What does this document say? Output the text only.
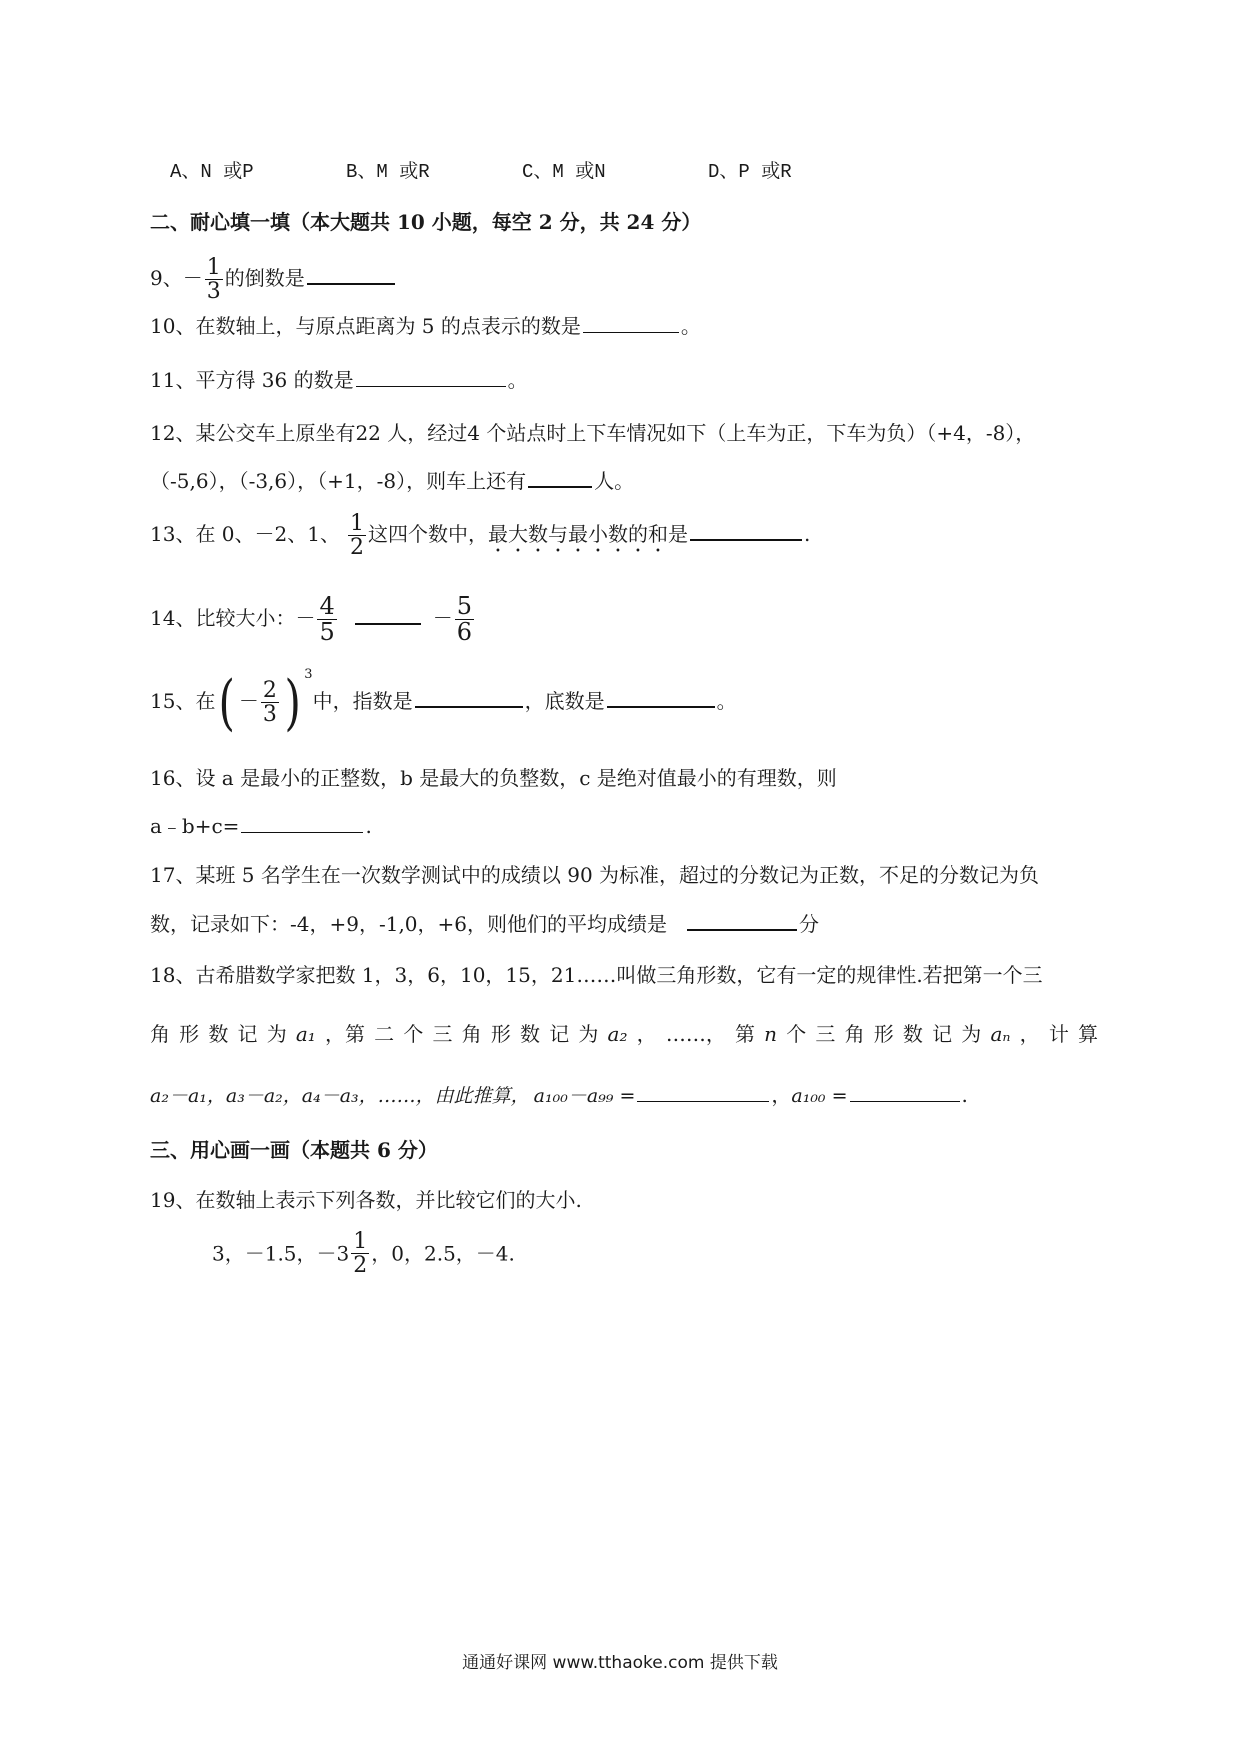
A、N 或P	B、M 或R	C、M 或N	D、P 或R
二、耐心填一填（本大题共 10 小题，每空 2 分，共 24 分）
9、－ $\frac{1}{3}$ 的倒数是
10、在数轴上，与原点距离为 5 的点表示的数是	。
11、平方得 36 的数是	。
12、某公交车上原坐有22 人，经过4 个站点时上下车情况如下（上车为正，下车为负）（+4，-8），
（-5,6），（-3,6），（+1，-8），则车上还有	人。
13、在 0、－2、1、 $\frac{1}{2}$ 这四个数中，最大数与最小数的和是	.
14、比较大小：－ $\frac{4}{5}$	－ $\frac{5}{6}$
15、在( － $\frac{2}{3}$ ) $^3$中，指数是	，底数是	。
16、设 a 是最小的正整数，b 是最大的负整数，c 是绝对值最小的有理数，则
a﹣b+c=	.
17、某班 5 名学生在一次数学测试中的成绩以 90 为标准，超过的分数记为正数，不足的分数记为负
数，记录如下：-4，+9，-1,0，+6，则他们的平均成绩是	分
18、古希腊数学家把数 1，3，6，10，15，21……叫做三角形数，它有一定的规律性.若把第一个三
角 形 数 记 为 a₁ ，第 二 个 三 角 形 数 记 为 a₂ ， ……， 第 n 个 三 角 形 数 记 为 aₙ ， 计 算
a₂－a₁，a₃－a₂，a₄－a₃，……，由此推算， a₁₀₀－a₉₉ =	，a₁₀₀ =	.
三、用心画一画（本题共 6 分）
19、在数轴上表示下列各数，并比较它们的大小.
3，－1.5，$-3 \frac{1}{2}$ ，0，2.5，－4.
通通好课网 www.tthaoke.com 提供下载
